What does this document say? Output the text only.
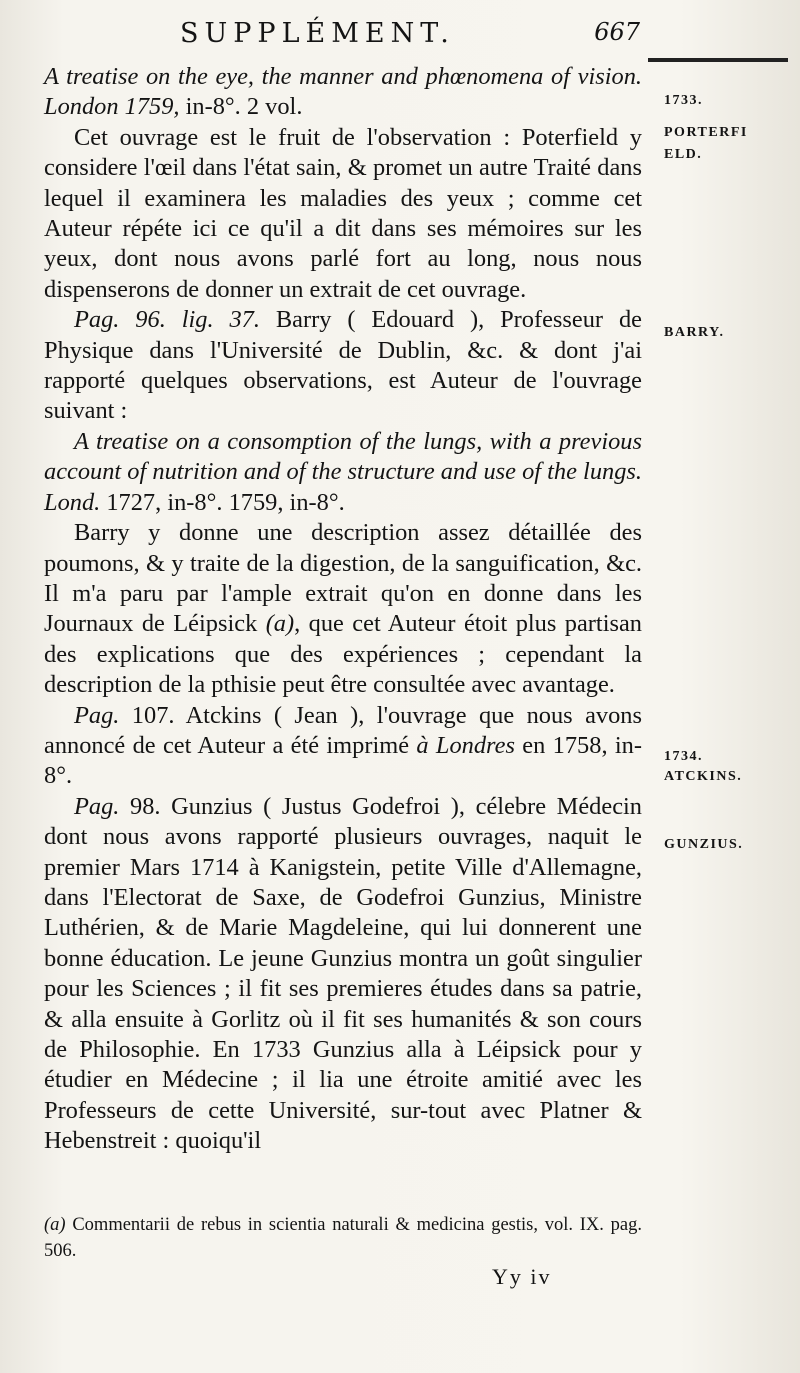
SUPPLÉMENT.	667

A treatise on the eye, the manner and phœnomena of vision. London 1759, in-8°. 2 vol.

Cet ouvrage est le fruit de l'observation : Poterfield y considere l'œil dans l'état sain, & promet un autre Traité dans lequel il examinera les maladies des yeux ; comme cet Auteur répéte ici ce qu'il a dit dans ses mémoires sur les yeux, dont nous avons parlé fort au long, nous nous dispenserons de donner un extrait de cet ouvrage.

Pag. 96. lig. 37. Barry ( Edouard ), Professeur de Physique dans l'Université de Dublin, &c. & dont j'ai rapporté quelques observations, est Auteur de l'ouvrage suivant :

A treatise on a consomption of the lungs, with a previous account of nutrition and of the structure and use of the lungs. Lond. 1727, in-8°. 1759, in-8°.

Barry y donne une description assez détaillée des poumons, & y traite de la digestion, de la sanguification, &c. Il m'a paru par l'ample extrait qu'on en donne dans les Journaux de Léipsick (a), que cet Auteur étoit plus partisan des explications que des expériences ; cependant la description de la pthisie peut être consultée avec avantage.

Pag. 107. Atckins ( Jean ), l'ouvrage que nous avons annoncé de cet Auteur a été imprimé à Londres en 1758, in-8°.

Pag. 98. Gunzius ( Justus Godefroi ), célebre Médecin dont nous avons rapporté plusieurs ouvrages, naquit le premier Mars 1714 à Kanigstein, petite Ville d'Allemagne, dans l'Electorat de Saxe, de Godefroi Gunzius, Ministre Luthérien, & de Marie Magdeleine, qui lui donnerent une bonne éducation. Le jeune Gunzius montra un goût singulier pour les Sciences ; il fit ses premieres études dans sa patrie, & alla ensuite à Gorlitz où il fit ses humanités & son cours de Philosophie. En 1733 Gunzius alla à Léipsick pour y étudier en Médecine ; il lia une étroite amitié avec les Professeurs de cette Université, sur-tout avec Platner & Hebenstreit : quoiqu'il

1733.
PORTERFIELD.
BARRY.
1734.
ATCKINS.
GUNZIUS.
(a) Commentarii de rebus in scientia naturali & medicina gestis, vol. IX. pag. 506.
Yy iv
